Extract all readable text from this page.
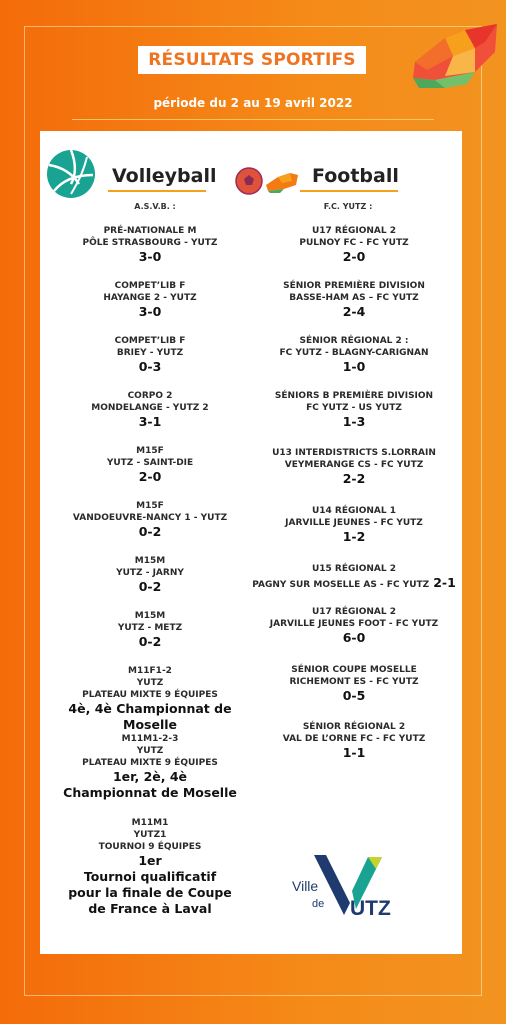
RÉSULTATS SPORTIFS
période du 2 au 19 avril 2022
Volleyball
A.S.V.B. :
Football
F.C. YUTZ :
PRÉ-NATIONALE M
PÔLE STRASBOURG - YUTZ
3-0
COMPET’LIB F
HAYANGE 2 - YUTZ
3-0
COMPET’LIB F
BRIEY - YUTZ
0-3
CORPO 2
MONDELANGE - YUTZ 2
3-1
M15F
YUTZ - SAINT-DIE
2-0
M15F
VANDOEUVRE-NANCY 1 - YUTZ
0-2
M15M
YUTZ - JARNY
0-2
M15M
YUTZ - METZ
0-2
M11F1-2
YUTZ
PLATEAU MIXTE 9 ÉQUIPES
4è, 4è Championnat de Moselle
M11M1-2-3
YUTZ
PLATEAU MIXTE 9 ÉQUIPES
1er, 2è, 4è
Championnat de Moselle
M11M1
YUTZ1
TOURNOI 9 ÉQUIPES
1er
Tournoi qualificatif
pour la finale de Coupe
de France à Laval
U17 RÉGIONAL 2
PULNOY FC - FC YUTZ
2-0
SÉNIOR PREMIÈRE DIVISION
BASSE-HAM AS – FC YUTZ
2-4
SÉNIOR RÉGIONAL 2 :
FC YUTZ - BLAGNY-CARIGNAN
1-0
SÉNIORS B PREMIÈRE DIVISION
FC YUTZ - US YUTZ
1-3
U13 INTERDISTRICTS S.LORRAIN
VEYMERANGE CS - FC YUTZ
2-2
U14 RÉGIONAL 1
JARVILLE JEUNES - FC YUTZ
1-2
U15 RÉGIONAL 2
PAGNY SUR MOSELLE AS - FC YUTZ 2-1
U17 RÉGIONAL 2
JARVILLE JEUNES FOOT - FC YUTZ
6-0
SÉNIOR COUPE MOSELLE
RICHEMONT ES - FC YUTZ
0-5
SÉNIOR RÉGIONAL 2
VAL DE L’ORNE FC - FC YUTZ
1-1
Ville
de UTZ
